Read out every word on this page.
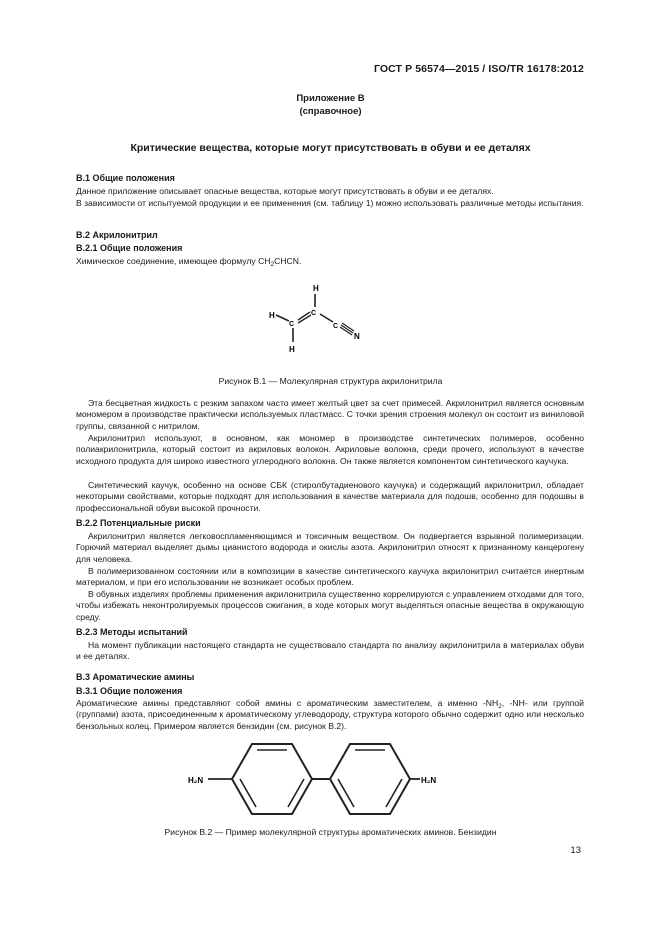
ГОСТ Р 56574—2015 / ISO/TR 16178:2012
Приложение В
(справочное)
Критические вещества, которые могут присутствовать в обуви и ее деталях
В.1 Общие положения
Данное приложение описывает опасные вещества, которые могут присутствовать в обуви и ее деталях.
В зависимости от испытуемой продукции и ее применения (см. таблицу 1) можно использовать различные методы испытания.
В.2 Акрилонитрил
В.2.1 Общие положения
Химическое соединение, имеющее формулу $CH_2CHCN$.
H
C
H
C
H
C
N
Рисунок В.1 — Молекулярная структура акрилонитрила
Эта бесцветная жидкость с резким запахом часто имеет желтый цвет за счет примесей. Акрилонитрил является основным мономером в производстве практически используемых пластмасс. С точки зрения строения молекул он состоит из виниловой группы, связанной с нитрилом.
Акрилонитрил используют, в основном, как мономер в производстве синтетических полимеров, особенно полиакрилонитрила, который состоит из акриловых волокон. Акриловые волокна, среди прочего, используют в качестве исходного продукта для широко известного углеродного волокна. Он также является компонентом синтетического каучука.
Синтетический каучук, особенно на основе СБК (стиролбутадиенового каучука) и содержащий акрилонитрил, обладает некоторыми свойствами, которые подходят для использования в качестве материала для подошв, особенно для подошвы в профессиональной обуви высокой прочности.
В.2.2 Потенциальные риски
Акрилонитрил является легковоспламеняющимся и токсичным веществом. Он подвергается взрывной полимеризации. Горючий материал выделяет дымы цианистого водорода и окислы азота. Акрилонитрил относят к признанному канцерогену для человека.
В полимеризованном состоянии или в композиции в качестве синтетического каучука акрилонитрил считается инертным материалом, и при его использовании не возникает особых проблем.
В обувных изделиях проблемы применения акрилонитрила существенно коррелируются с управлением отходами для того, чтобы избежать неконтролируемых процессов сжигания, в ходе которых могут выделяться опасные вещества в окружающую среду.
В.2.3 Методы испытаний
На момент публикации настоящего стандарта не существовало стандарта по анализу акрилонитрила в материалах обуви и ее деталях.
В.3 Ароматические амины
В.3.1 Общие положения
Ароматические амины представляют собой амины с ароматическим заместителем, а именно $-NH_2$, -NH- или группой (группами) азота, присоединенным к ароматическому углеводороду, структура которого обычно содержит одно или несколько бензольных колец. Примером является бензидин (см. рисунок В.2).
H₂N	H₂N
Рисунок В.2 — Пример молекулярной структуры ароматических аминов. Бензидин
13
